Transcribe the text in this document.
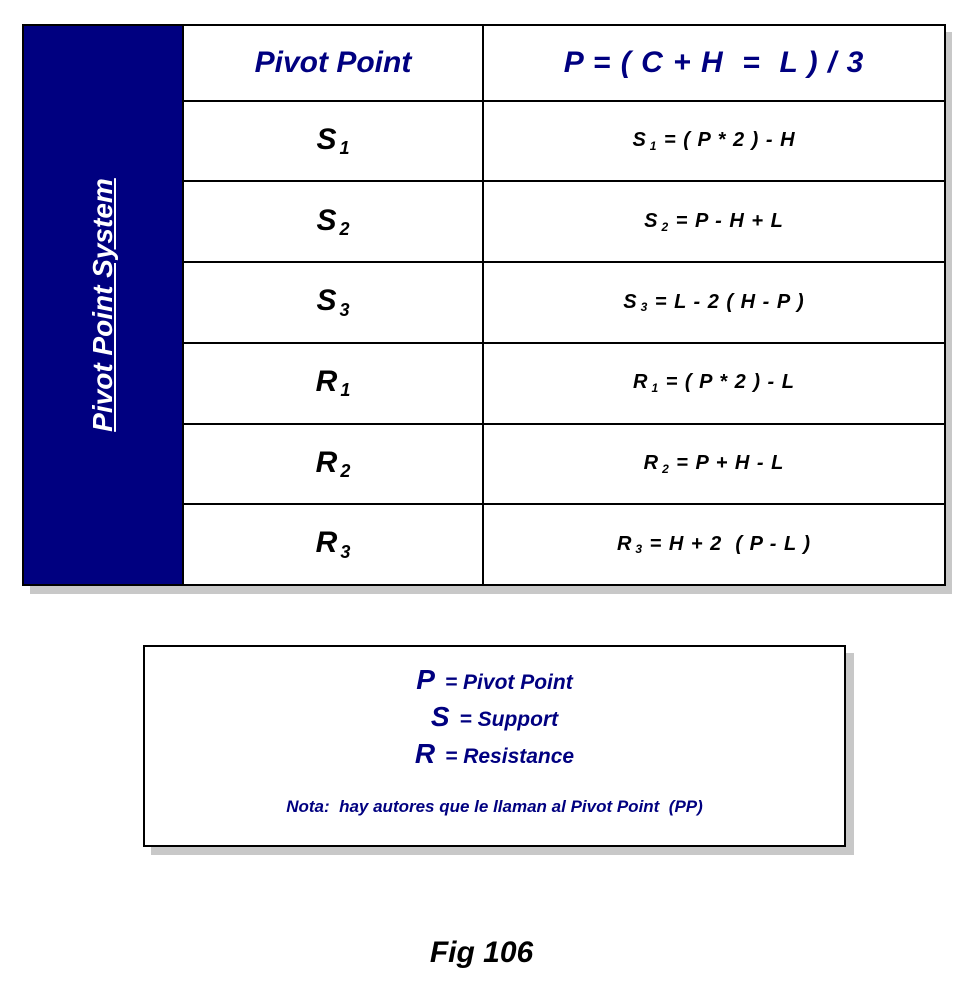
Pivot Point System	Pivot Point	P = ( C + H  =  L ) / 3
	S $_1$	S $_1$ = ( P * 2 ) - H
	S $_2$	S $_2$ = P - H + L
	S $_3$	S $_3$ = L - 2 ( H - P )
	R $_1$	R $_1$ = ( P * 2 ) - L
	R $_2$	R $_2$ = P + H - L
	R $_3$	R $_3$ = H + 2  ( P - L )
P = Pivot Point
S = Support
R = Resistance
Nota:  hay autores que le llaman al Pivot Point  (PP)
Fig 106
